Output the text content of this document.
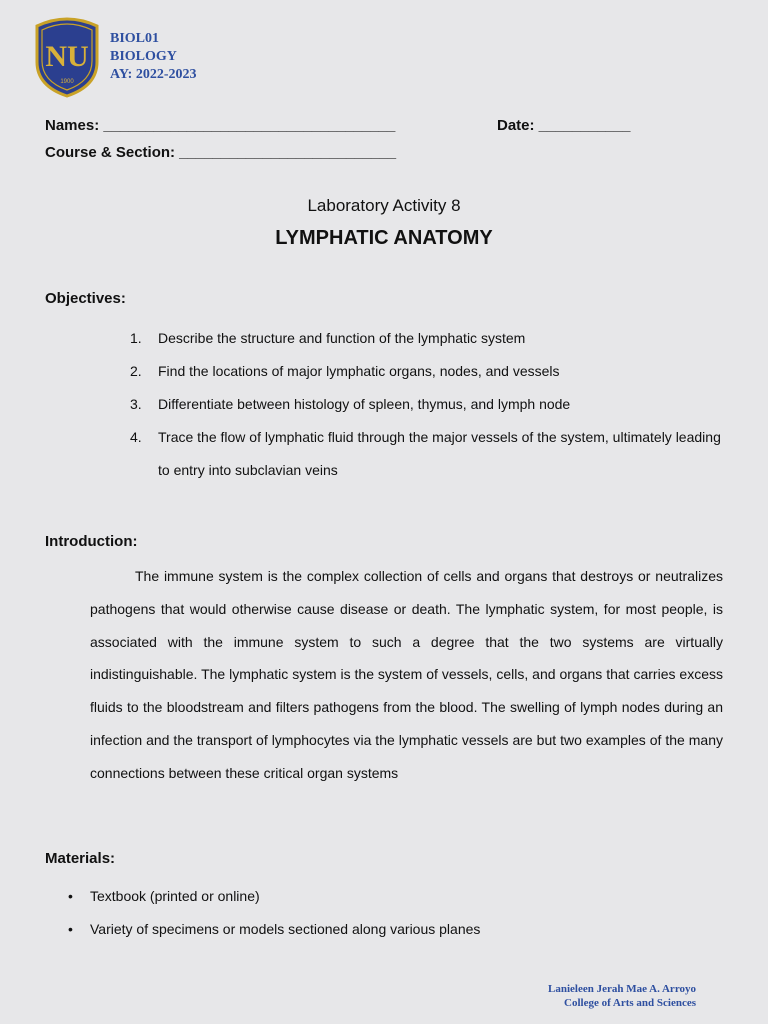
NU
1900
BIOL01
BIOLOGY
AY: 2022-2023
Names: ___________________________________	Date: ___________
Course & Section: __________________________
Laboratory Activity 8
LYMPHATIC ANATOMY
Objectives:
1.	Describe the structure and function of the lymphatic system
2.	Find the locations of major lymphatic organs, nodes, and vessels
3.	Differentiate between histology of spleen, thymus, and lymph node
4.	Trace the flow of lymphatic fluid through the major vessels of the system, ultimately leading to entry into subclavian veins
Introduction:

The immune system is the complex collection of cells and organs that destroys or neutralizes pathogens that would otherwise cause disease or death. The lymphatic system, for most people, is associated with the immune system to such a degree that the two systems are virtually indistinguishable. The lymphatic system is the system of vessels, cells, and organs that carries excess fluids to the bloodstream and filters pathogens from the blood. The swelling of lymph nodes during an infection and the transport of lymphocytes via the lymphatic vessels are but two examples of the many connections between these critical organ systems

Materials:
•	Textbook (printed or online)
•	Variety of specimens or models sectioned along various planes
Lanieleen Jerah Mae A. Arroyo
College of Arts and Sciences
